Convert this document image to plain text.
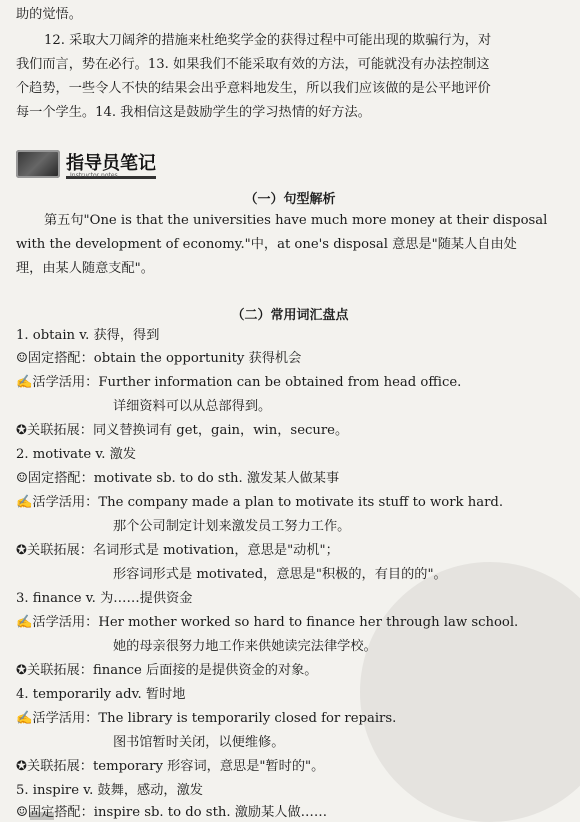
助的觉悟。
12. 采取大刀阔斧的措施来杜绝奖学金的获得过程中可能出现的欺骗行为，对
我们而言，势在必行。13. 如果我们不能采取有效的方法，可能就没有办法控制这
个趋势，一些令人不快的结果会出乎意料地发生，所以我们应该做的是公平地评价
每一个学生。14. 我相信这是鼓励学生的学习热情的好方法。
指导员笔记
Instructor notes
（一）句型解析
第五句"One is that the universities have much more money at their disposal
with the development of economy."中，at one's disposal 意思是"随某人自由处
理，由某人随意支配"。
（二）常用词汇盘点
1. obtain v. 获得，得到
☺固定搭配：obtain the opportunity 获得机会
✍活学活用：Further information can be obtained from head office.
详细资料可以从总部得到。
✪关联拓展：同义替换词有 get，gain，win，secure。
2. motivate v. 激发
☺固定搭配：motivate sb. to do sth. 激发某人做某事
✍活学活用：The company made a plan to motivate its stuff to work hard.
那个公司制定计划来激发员工努力工作。
✪关联拓展：名词形式是 motivation，意思是"动机"；
形容词形式是 motivated，意思是"积极的，有目的的"。
3. finance v. 为……提供资金
✍活学活用：Her mother worked so hard to finance her through law school.
她的母亲很努力地工作来供她读完法律学校。
✪关联拓展：finance 后面接的是提供资金的对象。
4. temporarily adv. 暂时地
✍活学活用：The library is temporarily closed for repairs.
图书馆暂时关闭，以便维修。
✪关联拓展：temporary 形容词，意思是"暂时的"。
5. inspire v. 鼓舞，感动，激发
☺固定搭配：inspire sb. to do sth. 激励某人做……
